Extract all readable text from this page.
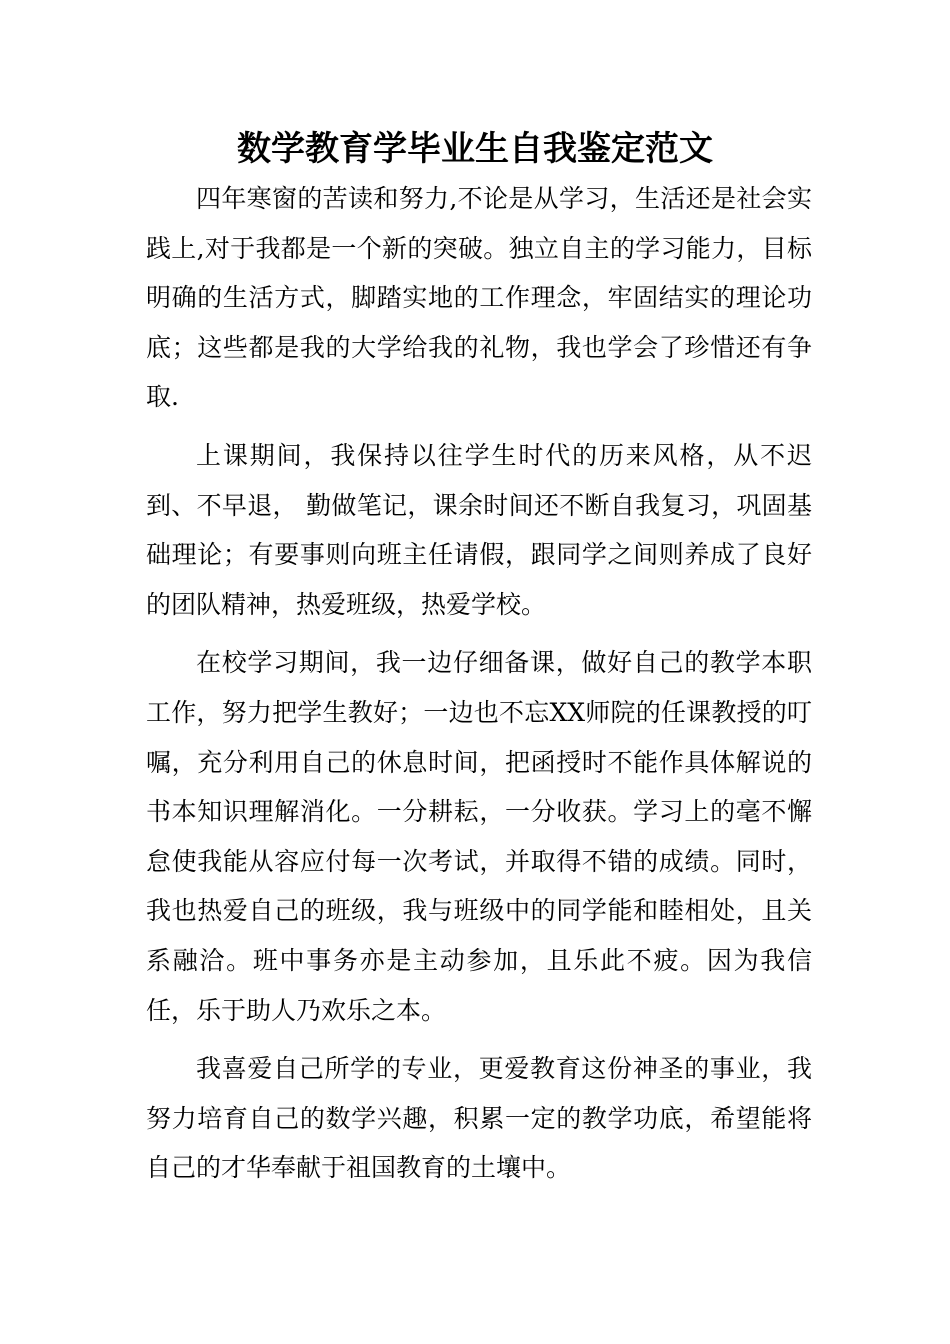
数学教育学毕业生自我鉴定范文

四年寒窗的苦读和努力,不论是从学习，生活还是社会实践上,对于我都是一个新的突破。独立自主的学习能力，目标明确的生活方式，脚踏实地的工作理念，牢固结实的理论功底；这些都是我的大学给我的礼物，我也学会了珍惜还有争取.

上课期间，我保持以往学生时代的历来风格，从不迟到、不早退， 勤做笔记，课余时间还不断自我复习，巩固基础理论；有要事则向班主任请假，跟同学之间则养成了良好的团队精神，热爱班级，热爱学校。

在校学习期间，我一边仔细备课，做好自己的教学本职工作，努力把学生教好；一边也不忘XX师院的任课教授的叮嘱，充分利用自己的休息时间，把函授时不能作具体解说的书本知识理解消化。一分耕耘，一分收获。学习上的毫不懈怠使我能从容应付每一次考试，并取得不错的成绩。同时，我也热爱自己的班级，我与班级中的同学能和睦相处，且关系融洽。班中事务亦是主动参加，且乐此不疲。因为我信任，乐于助人乃欢乐之本。

我喜爱自己所学的专业，更爱教育这份神圣的事业，我努力培育自己的数学兴趣，积累一定的教学功底，希望能将自己的才华奉献于祖国教育的土壤中。
